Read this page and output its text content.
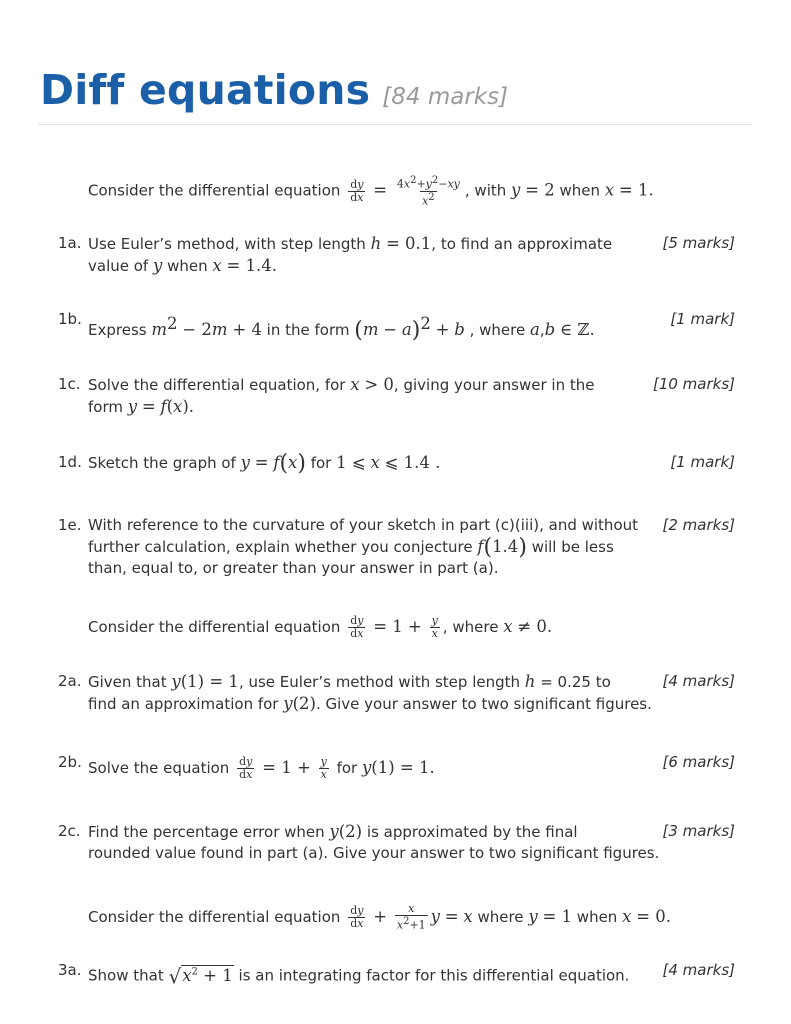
Diff equations [84 marks]
Consider the differential equation $\frac{dy}{dx} = \frac{4x^2+y^2-xy}{x^2}$ , with y = 2 when x = 1.
1a.	[5 marks]
Use Euler’s method, with step length h = 0.1, to find an approximate
value of y when x = 1.4.
1b.	[1 mark]
Express $m^2 - 2m + 4$ in the form $(m - a)^2 + b$ , where a,b ∈ ℤ.
1c.	[10 marks]
Solve the differential equation, for x > 0, giving your answer in the
form y = f(x).
1d.	[1 mark]
Sketch the graph of y = f(x) for 1 ⩽ x ⩽ 1.4 .
1e.	[2 marks]
With reference to the curvature of your sketch in part (c)(iii), and without
further calculation, explain whether you conjecture f(1.4) will be less
than, equal to, or greater than your answer in part (a).
Consider the differential equation $\frac{dy}{dx} = 1 + \frac{y}{x}$ , where x ≠ 0.
2a.	[4 marks]
Given that y(1) = 1, use Euler’s method with step length h = 0.25 to
find an approximation for y(2). Give your answer to two significant figures.
2b.	[6 marks]
Solve the equation $\frac{dy}{dx} = 1 + \frac{y}{x}$ for y(1) = 1.
2c.	[3 marks]
Find the percentage error when y(2) is approximated by the final
rounded value found in part (a). Give your answer to two significant figures.
Consider the differential equation $\frac{dy}{dx} + \frac{x}{x^2+1}$ y = x where y = 1 when x = 0.
3a.	[4 marks]
Show that $√x^2 + 1$ is an integrating factor for this differential equation.
